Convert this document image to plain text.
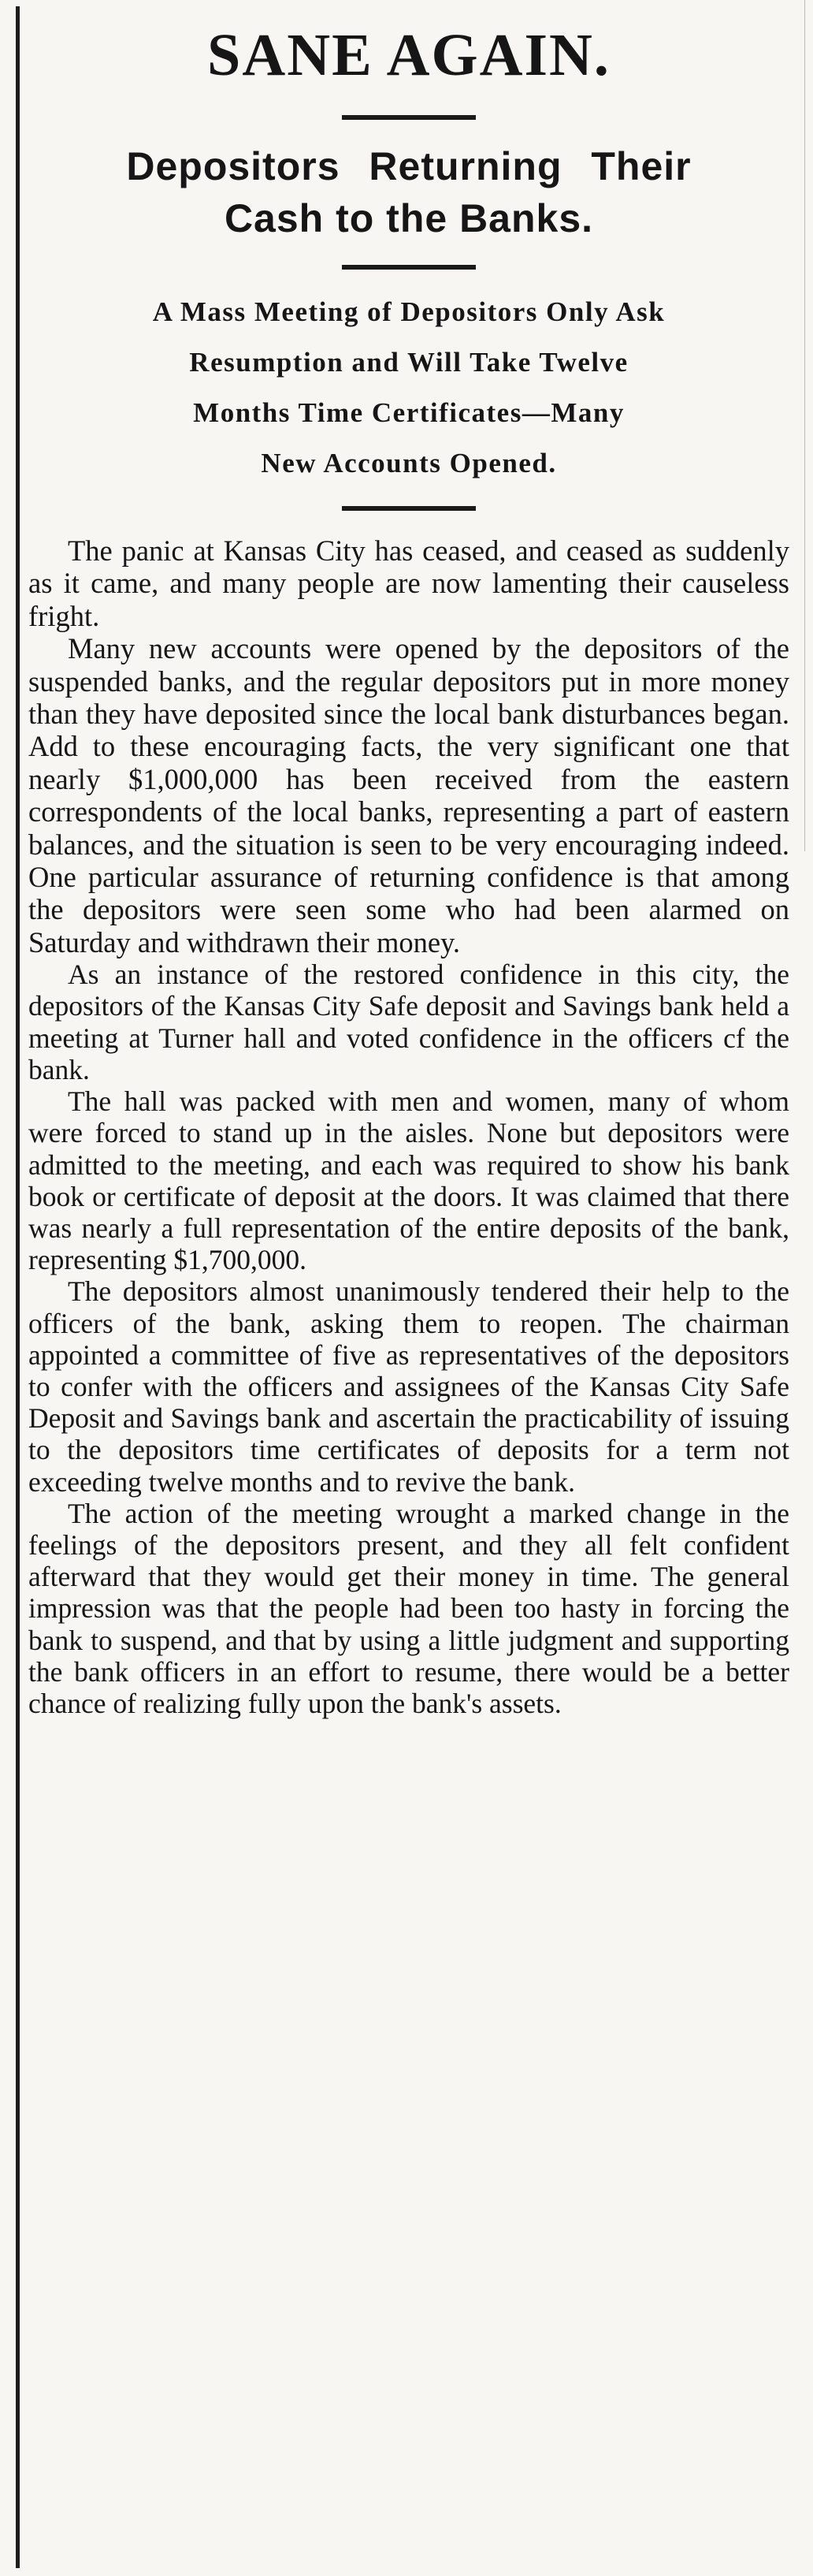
SANE AGAIN.
Depositors Returning Their
Cash to the Banks.
A Mass Meeting of Depositors Only Ask
Resumption and Will Take Twelve
Months Time Certificates—Many
New Accounts Opened.

The panic at Kansas City has ceased, and ceased as suddenly as it came, and many people are now lamenting their causeless fright.

Many new accounts were opened by the depositors of the suspended banks, and the regular depositors put in more money than they have deposited since the local bank disturbances began. Add to these encouraging facts, the very significant one that nearly $1,000,000 has been received from the eastern correspondents of the local banks, representing a part of eastern balances, and the situation is seen to be very encouraging indeed. One particular assurance of returning confidence is that among the depositors were seen some who had been alarmed on Saturday and withdrawn their money.

As an instance of the restored confidence in this city, the depositors of the Kansas City Safe deposit and Savings bank held a meeting at Turner hall and voted confidence in the officers cf the bank.

The hall was packed with men and women, many of whom were forced to stand up in the aisles. None but depositors were admitted to the meeting, and each was required to show his bank book or certificate of deposit at the doors. It was claimed that there was nearly a full representation of the entire deposits of the bank, representing $1,700,000.

The depositors almost unanimously tendered their help to the officers of the bank, asking them to reopen. The chairman appointed a committee of five as representatives of the depositors to confer with the officers and assignees of the Kansas City Safe Deposit and Savings bank and ascertain the practicability of issuing to the depositors time certificates of deposits for a term not exceeding twelve months and to revive the bank.

The action of the meeting wrought a marked change in the feelings of the depositors present, and they all felt confident afterward that they would get their money in time. The general impression was that the people had been too hasty in forcing the bank to suspend, and that by using a little judgment and supporting the bank officers in an effort to resume, there would be a better chance of realizing fully upon the bank's assets.
